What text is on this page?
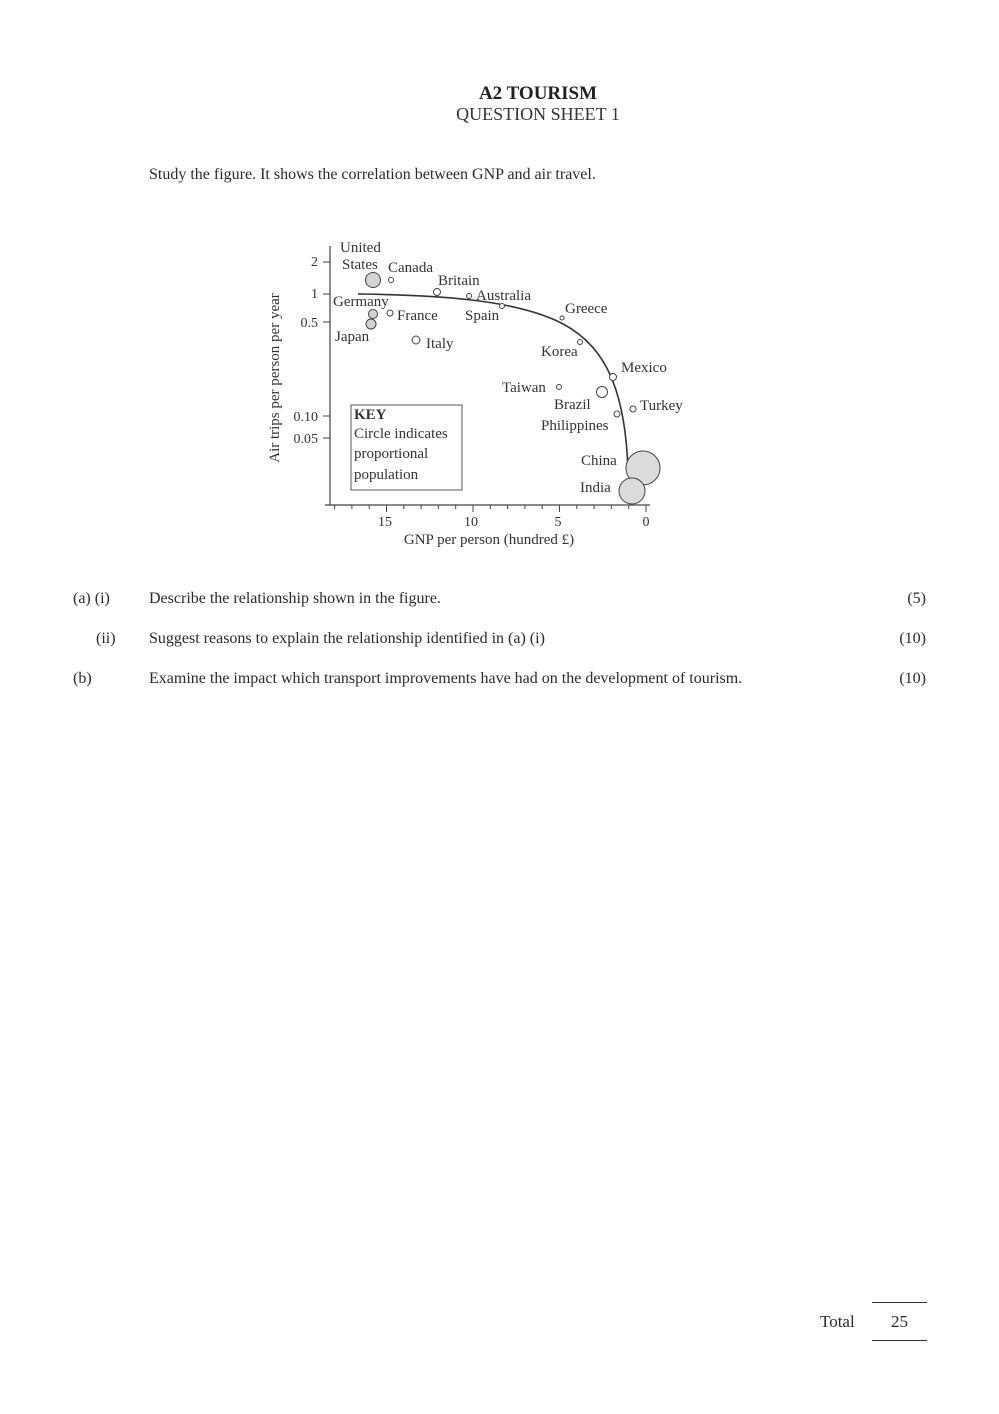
A2 TOURISM
QUESTION SHEET 1
Study the figure. It shows the correlation between GNP and air travel.
2
1
0.5
0.10
0.05
15	10	5	0
GNP per person (hundred £)
Air trips per person per year
United
States Canada
Britain
Australia
Germany
France
Japan
Spain	Greece
Italy	Korea
Mexico
Taiwan
Brazil
Philippines
Turkey
China
India
KEY
Circle indicates
proportional
population
(a) (i) Describe the relationship shown in the figure.	(5)
(ii) Suggest reasons to explain the relationship identified in (a) (i)	(10)
(b)	Examine the impact which transport improvements have had on the development of tourism.	(10)
Total	25
